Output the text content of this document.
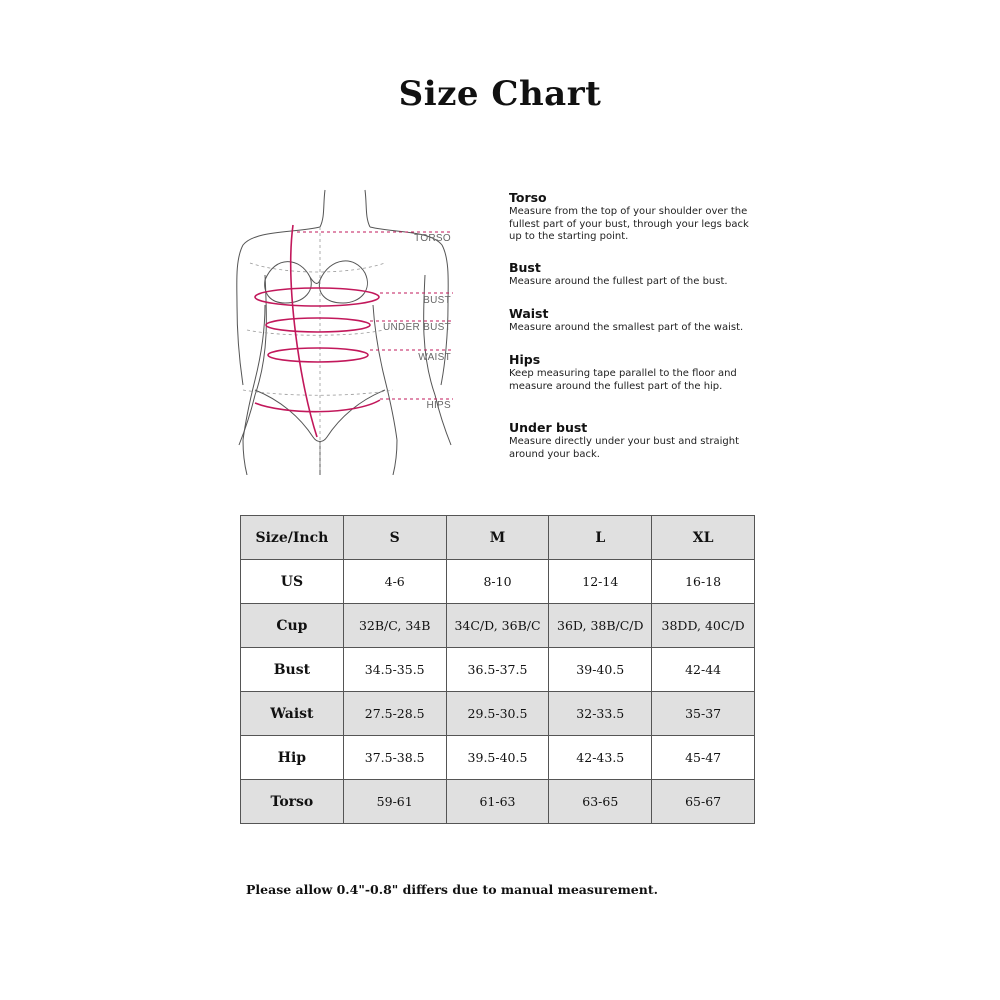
Size Chart
TORSO
BUST
UNDER BUST
WAIST
HIPS

Torso

Measure from the top of your shoulder over the

fullest part of your bust, through your legs back

up to the starting point.

Bust

Measure around the fullest part of the bust.

Waist

Measure around the smallest part of the waist.

Hips

Keep measuring tape parallel to the floor and

measure around the fullest part of the hip.

Under bust

Measure directly under your bust and straight

around your back.

Size/Inch	S	M	L	XL
US	4-6	8-10	12-14	16-18
Cup	32B/C, 34B	34C/D, 36B/C	36D, 38B/C/D	38DD, 40C/D
Bust	34.5-35.5	36.5-37.5	39-40.5	42-44
Waist	27.5-28.5	29.5-30.5	32-33.5	35-37
Hip	37.5-38.5	39.5-40.5	42-43.5	45-47
Torso	59-61	61-63	63-65	65-67

Please allow 0.4"-0.8" differs due to manual measurement.
